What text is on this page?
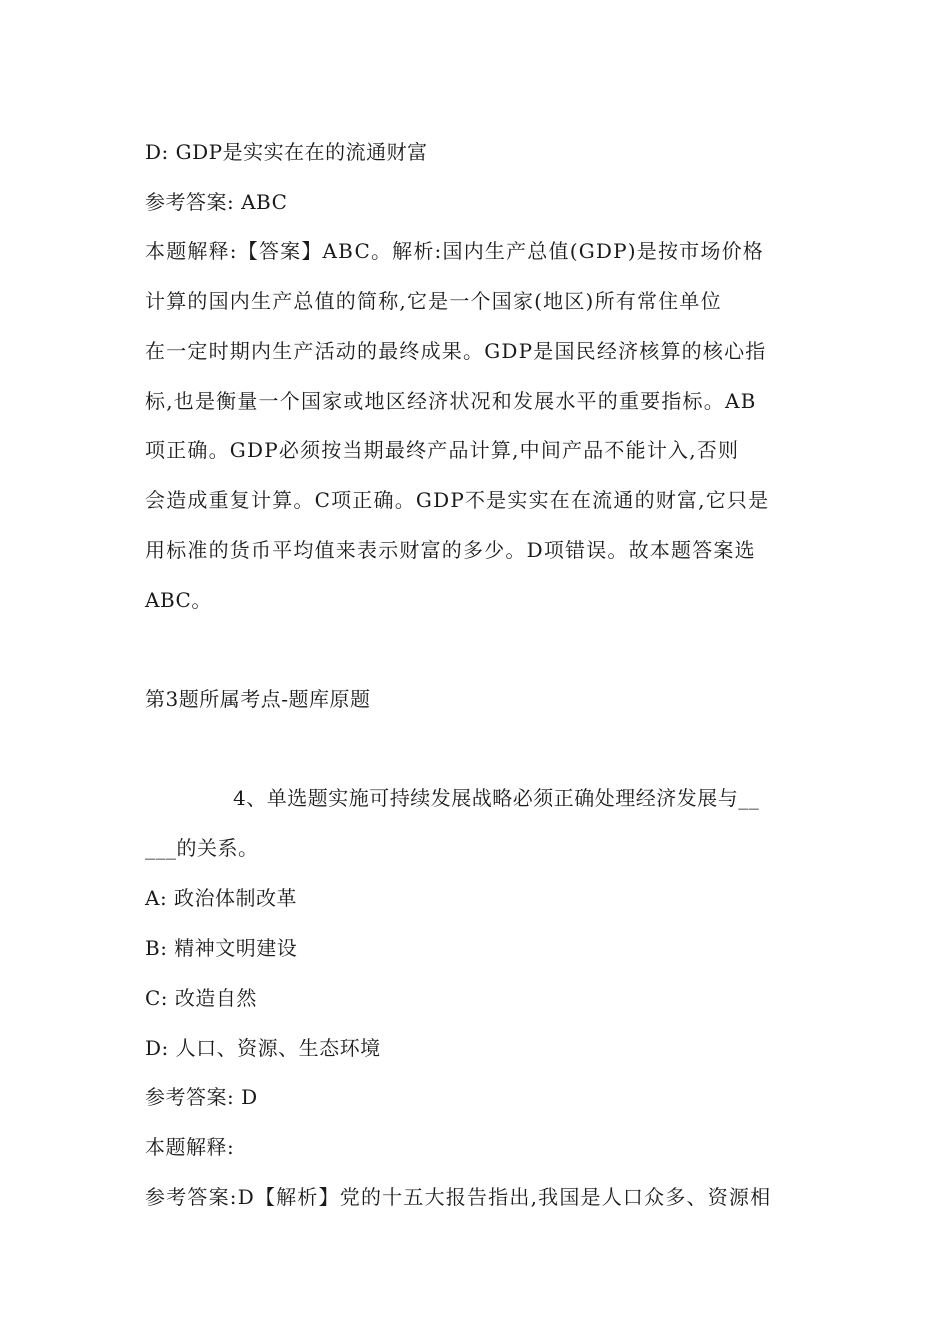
D: GDP是实实在在的流通财富
参考答案: ABC
本题解释:【答案】ABC。解析:国内生产总值(GDP)是按市场价格
计算的国内生产总值的简称,它是一个国家(地区)所有常住单位
在一定时期内生产活动的最终成果。GDP是国民经济核算的核心指
标,也是衡量一个国家或地区经济状况和发展水平的重要指标。AB
项正确。GDP必须按当期最终产品计算,中间产品不能计入,否则
会造成重复计算。C项正确。GDP不是实实在在流通的财富,它只是
用标准的货币平均值来表示财富的多少。D项错误。故本题答案选
ABC。
第3题所属考点-题库原题
4、单选题实施可持续发展战略必须正确处理经济发展与__
___的关系。
A: 政治体制改革
B: 精神文明建设
C: 改造自然
D: 人口、资源、生态环境
参考答案: D
本题解释:
参考答案:D【解析】党的十五大报告指出,我国是人口众多、资源相
